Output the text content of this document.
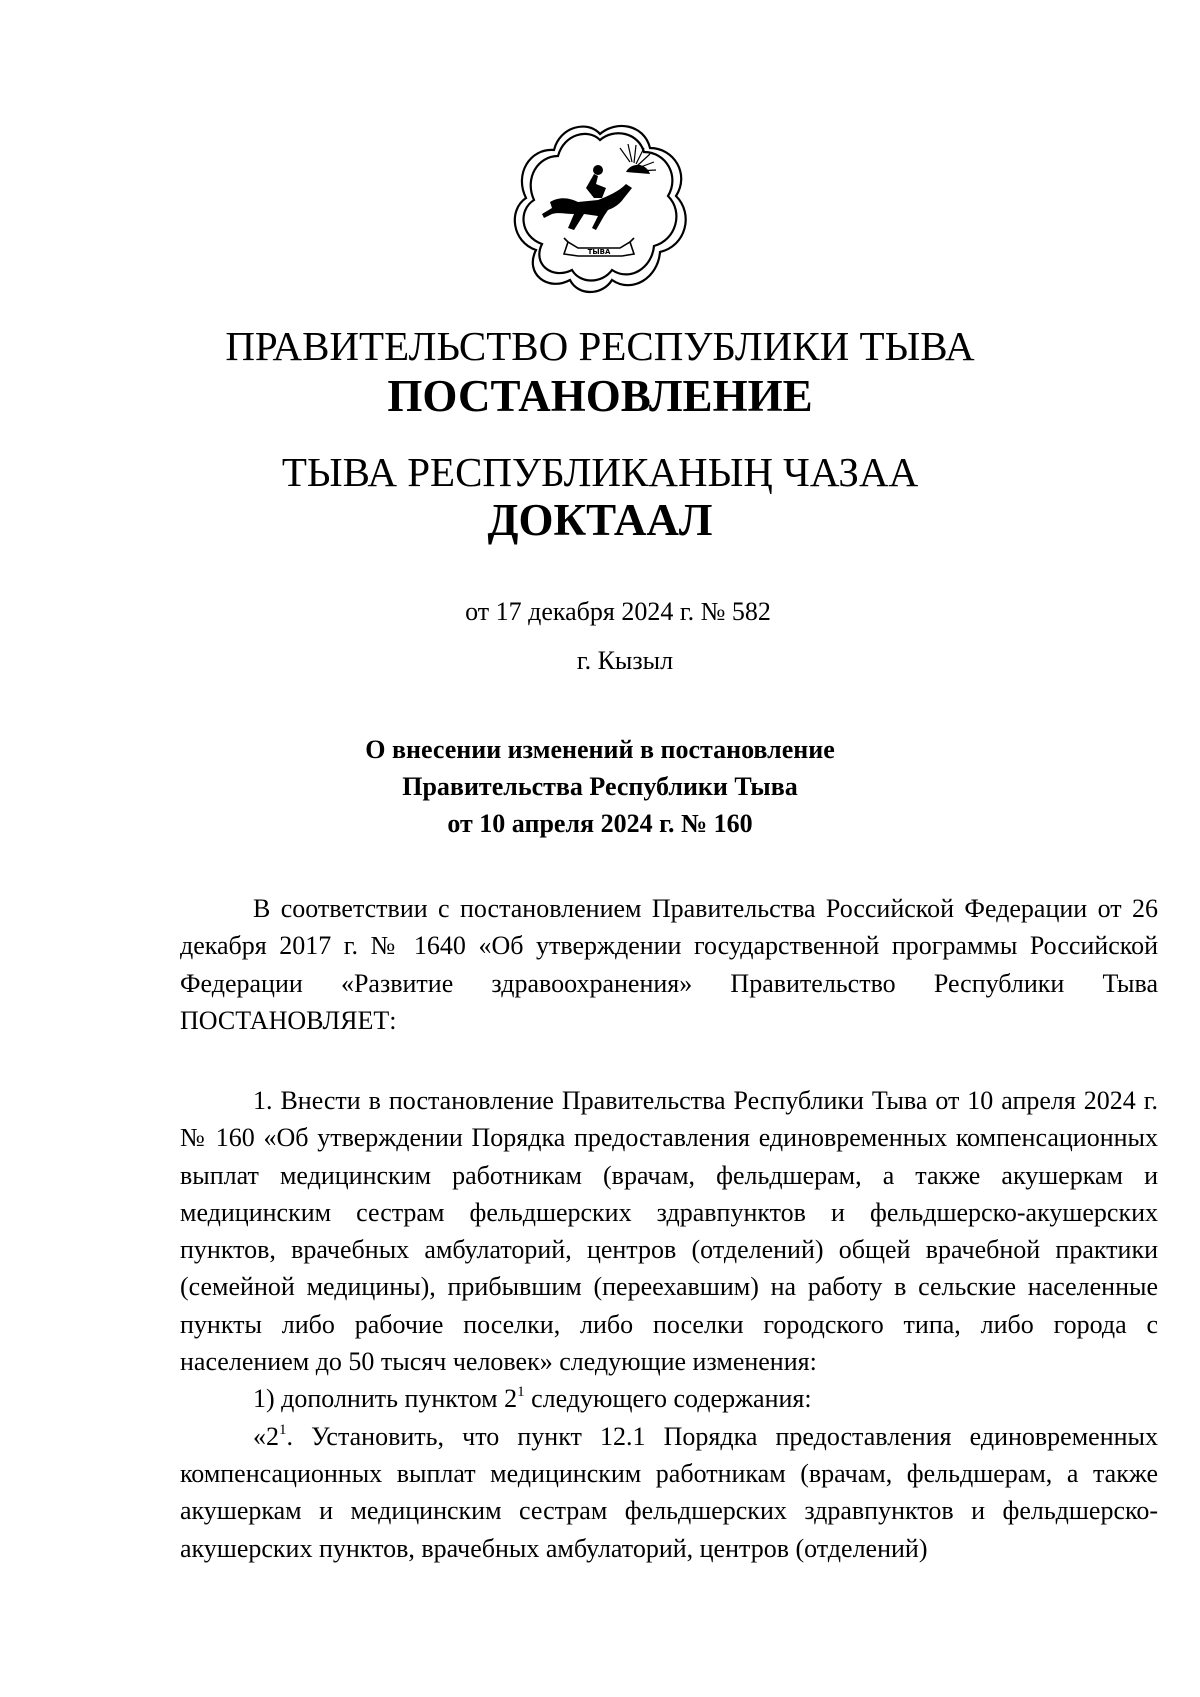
ТЫВА
ПРАВИТЕЛЬСТВО РЕСПУБЛИКИ ТЫВА
ПОСТАНОВЛЕНИЕ
ТЫВА РЕСПУБЛИКАНЫҢ ЧАЗАА
ДОКТААЛ
от 17 декабря 2024 г. № 582
г. Кызыл
О внесении изменений в постановление
Правительства Республики Тыва
от 10 апреля 2024 г. № 160

В соответствии с постановлением Правительства Российской Федерации от 26 декабря 2017 г. № 1640 «Об утверждении государственной программы Российской Федерации «Развитие здравоохранения» Правительство Республики Тыва ПОСТАНОВЛЯЕТ:

1. Внести в постановление Правительства Республики Тыва от 10 апреля 2024 г. № 160 «Об утверждении Порядка предоставления единовременных компенсационных выплат медицинским работникам (врачам, фельдшерам, а также акушеркам и медицинским сестрам фельдшерских здравпунктов и фельдшерско-акушерских пунктов, врачебных амбулаторий, центров (отделений) общей врачебной практики (семейной медицины), прибывшим (переехавшим) на работу в сельские населенные пункты либо рабочие поселки, либо поселки городского типа, либо города с населением до 50 тысяч человек» следующие изменения:

1) дополнить пунктом $2^1$ следующего содержания:

«$2^1$. Установить, что пункт 12.1 Порядка предоставления единовременных компенсационных выплат медицинским работникам (врачам, фельдшерам, а также акушеркам и медицинским сестрам фельдшерских здравпунктов и фельдшерско-акушерских пунктов, врачебных амбулаторий, центров (отделений)
